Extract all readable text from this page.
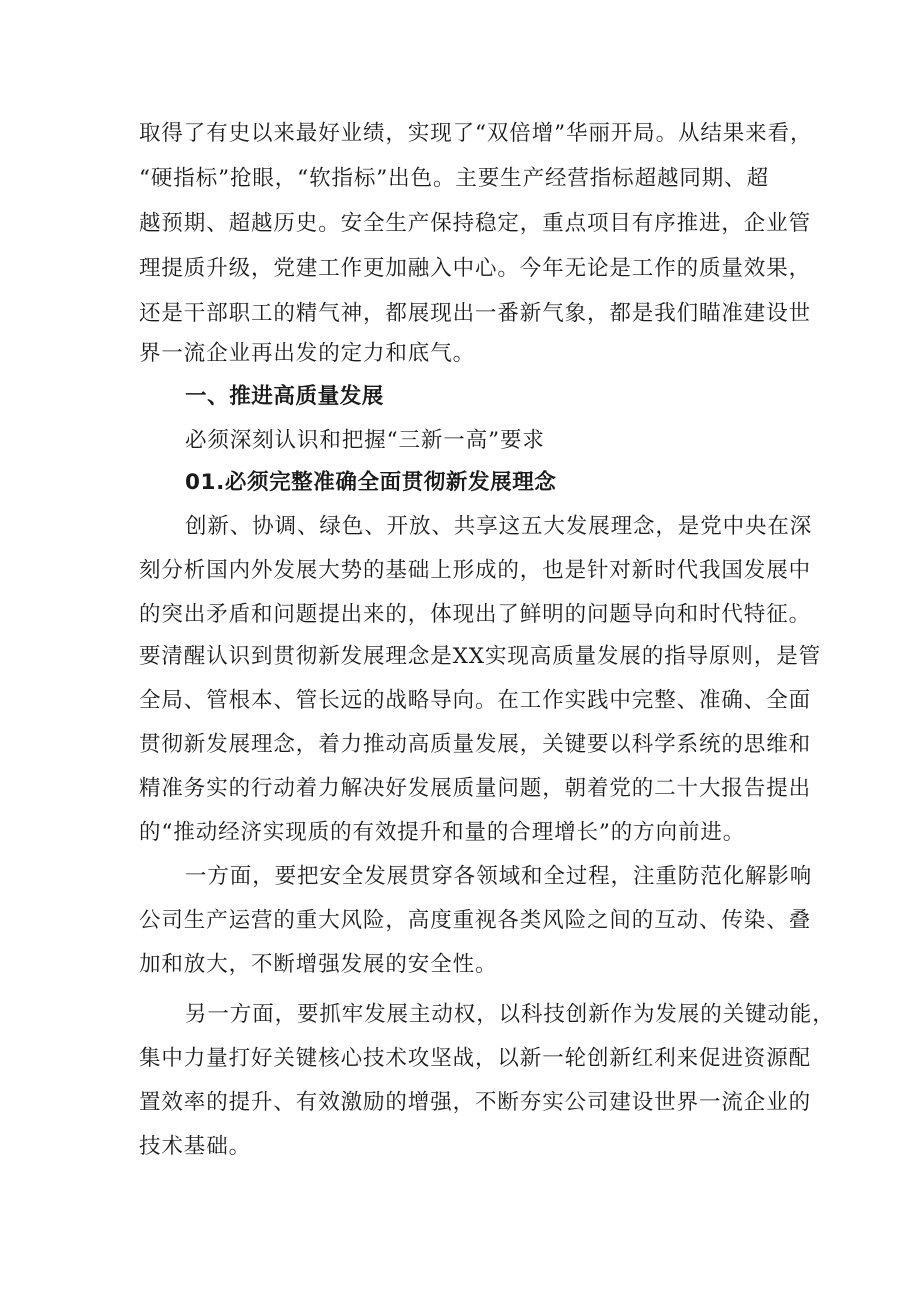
取得了有史以来最好业绩，实现了“双倍增”华丽开局。从结果来看，
“硬指标”抢眼，“软指标”出色。主要生产经营指标超越同期、超
越预期、超越历史。安全生产保持稳定，重点项目有序推进，企业管
理提质升级，党建工作更加融入中心。今年无论是工作的质量效果，
还是干部职工的精气神，都展现出一番新气象，都是我们瞄准建设世
界一流企业再出发的定力和底气。
一、推进高质量发展
必须深刻认识和把握“三新一高”要求
01.必须完整准确全面贯彻新发展理念
创新、协调、绿色、开放、共享这五大发展理念，是党中央在深
刻分析国内外发展大势的基础上形成的，也是针对新时代我国发展中
的突出矛盾和问题提出来的，体现出了鲜明的问题导向和时代特征。
要清醒认识到贯彻新发展理念是XX实现高质量发展的指导原则，是管
全局、管根本、管长远的战略导向。在工作实践中完整、准确、全面
贯彻新发展理念，着力推动高质量发展，关键要以科学系统的思维和
精准务实的行动着力解决好发展质量问题，朝着党的二十大报告提出
的“推动经济实现质的有效提升和量的合理增长”的方向前进。
一方面，要把安全发展贯穿各领域和全过程，注重防范化解影响
公司生产运营的重大风险，高度重视各类风险之间的互动、传染、叠
加和放大，不断增强发展的安全性。
另一方面，要抓牢发展主动权，以科技创新作为发展的关键动能，
集中力量打好关键核心技术攻坚战，以新一轮创新红利来促进资源配
置效率的提升、有效激励的增强，不断夯实公司建设世界一流企业的
技术基础。
